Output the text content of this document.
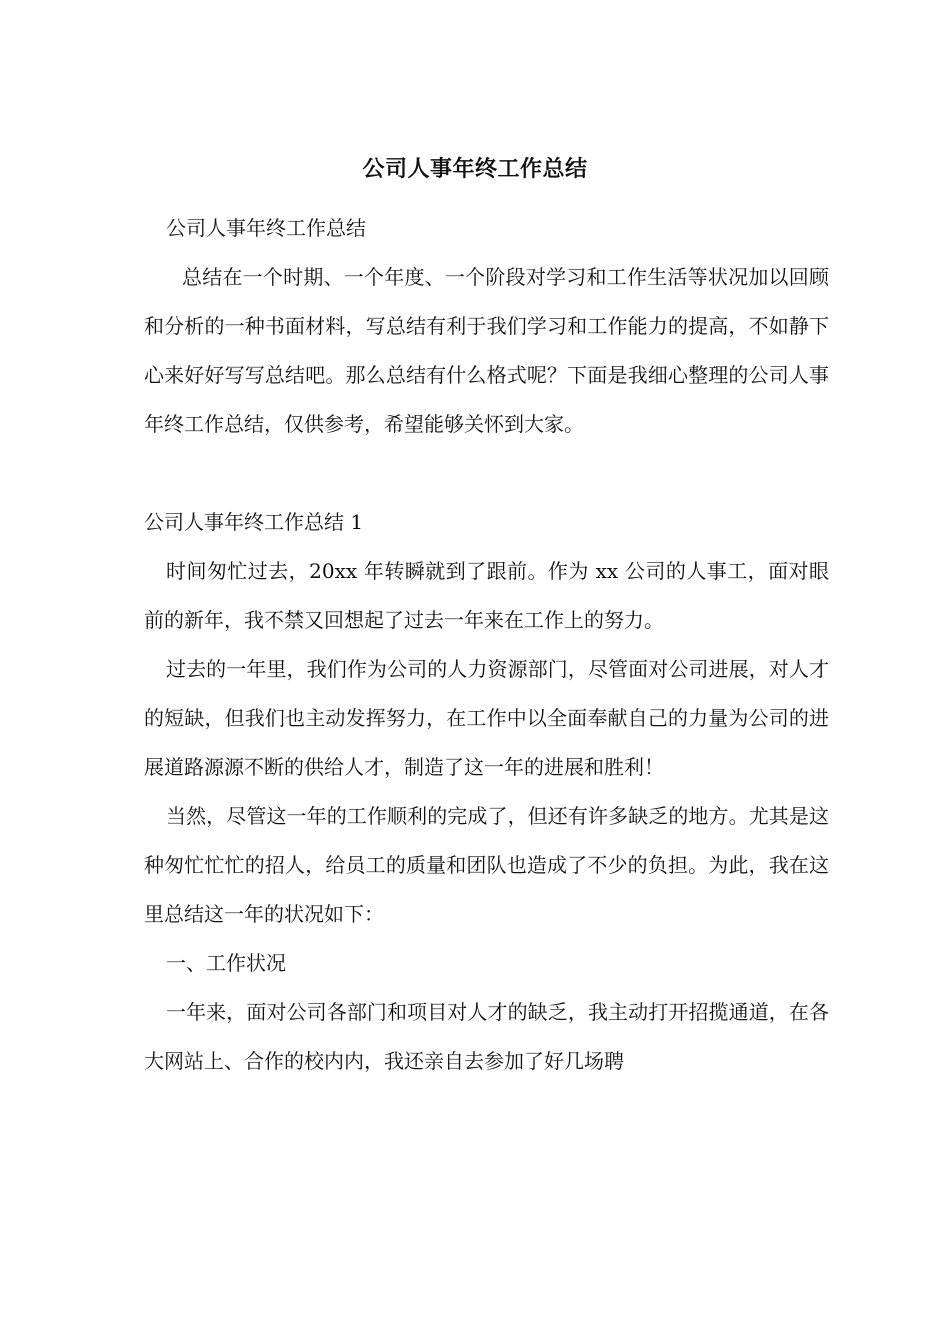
公司人事年终工作总结

公司人事年终工作总结

总结在一个时期、一个年度、一个阶段对学习和工作生活等状况加以回顾和分析的一种书面材料，写总结有利于我们学习和工作能力的提高，不如静下心来好好写写总结吧。那么总结有什么格式呢？下面是我细心整理的公司人事年终工作总结，仅供参考，希望能够关怀到大家。

公司人事年终工作总结 1

时间匆忙过去，20xx 年转瞬就到了跟前。作为 xx 公司的人事工，面对眼前的新年，我不禁又回想起了过去一年来在工作上的努力。

过去的一年里，我们作为公司的人力资源部门，尽管面对公司进展，对人才的短缺，但我们也主动发挥努力，在工作中以全面奉献自己的力量为公司的进展道路源源不断的供给人才，制造了这一年的进展和胜利！

当然，尽管这一年的工作顺利的完成了，但还有许多缺乏的地方。尤其是这种匆忙忙忙的招人，给员工的质量和团队也造成了不少的负担。为此，我在这里总结这一年的状况如下：

一、工作状况

一年来，面对公司各部门和项目对人才的缺乏，我主动打开招揽通道，在各大网站上、合作的校内内，我还亲自去参加了好几场聘
